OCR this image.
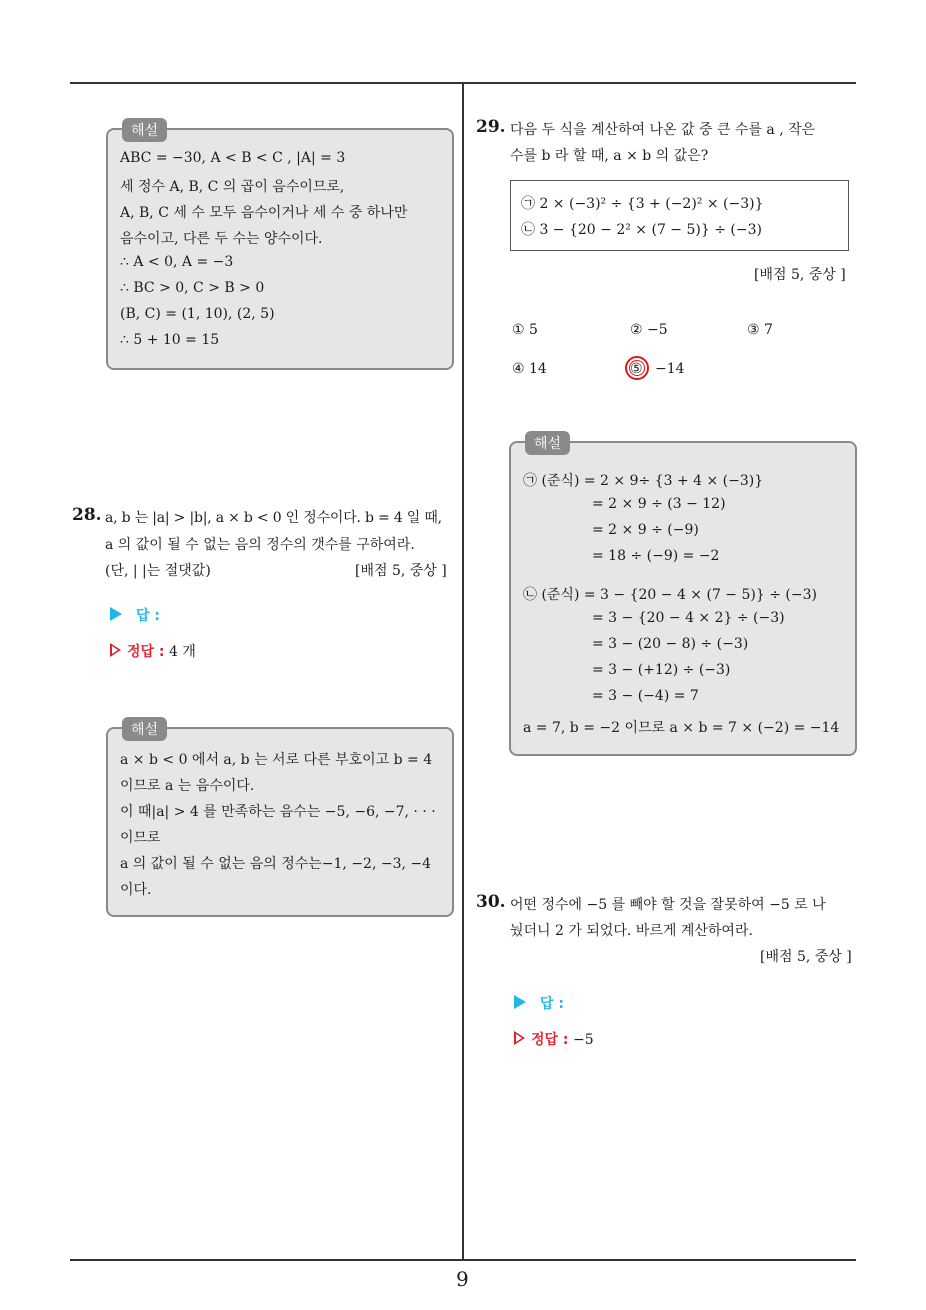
해설
ABC = −30, A < B < C , |A| = 3
세 정수 A, B, C 의 곱이 음수이므로,
A, B, C 세 수 모두 음수이거나 세 수 중 하나만
음수이고, 다른 두 수는 양수이다.
∴ A < 0, A = −3
∴ BC > 0, C > B > 0
(B, C) = (1, 10), (2, 5)
∴ 5 + 10 = 15
28. a, b 는 |a| > |b|, a × b < 0 인 정수이다. b = 4 일 때,
a 의 값이 될 수 없는 음의 정수의 갯수를 구하여라.
(단, | |는 절댓값)	[배점 5, 중상 ]
답 :
정답 : 4 개
해설
a × b < 0 에서 a, b 는 서로 다른 부호이고 b = 4
이므로 a 는 음수이다.
이 때|a| > 4 를 만족하는 음수는 −5, −6, −7, · · ·
이므로
a 의 값이 될 수 없는 음의 정수는−1, −2, −3, −4
이다.
29. 다음 두 식을 계산하여 나온 값 중 큰 수를 a , 작은
수를 b 라 할 때, a × b 의 값은?
㉠ 2 × (−3)² ÷ {3 + (−2)² × (−3)}
㉡ 3 − {20 − 2² × (7 − 5)} ÷ (−3)
[배점 5, 중상 ]
① 5	② −5	③ 7
④ 14	⑤ −14
해설
㉠ (준식) = 2 × 9÷ {3 + 4 × (−3)}
= 2 × 9 ÷ (3 − 12)
= 2 × 9 ÷ (−9)
= 18 ÷ (−9) = −2
㉡ (준식) = 3 − {20 − 4 × (7 − 5)} ÷ (−3)
= 3 − {20 − 4 × 2} ÷ (−3)
= 3 − (20 − 8) ÷ (−3)
= 3 − (+12) ÷ (−3)
= 3 − (−4) = 7
a = 7, b = −2 이므로 a × b = 7 × (−2) = −14
30. 어떤 정수에 −5 를 빼야 할 것을 잘못하여 −5 로 나
눴더니 2 가 되었다. 바르게 계산하여라.
[배점 5, 중상 ]
답 :
정답 : −5
9
